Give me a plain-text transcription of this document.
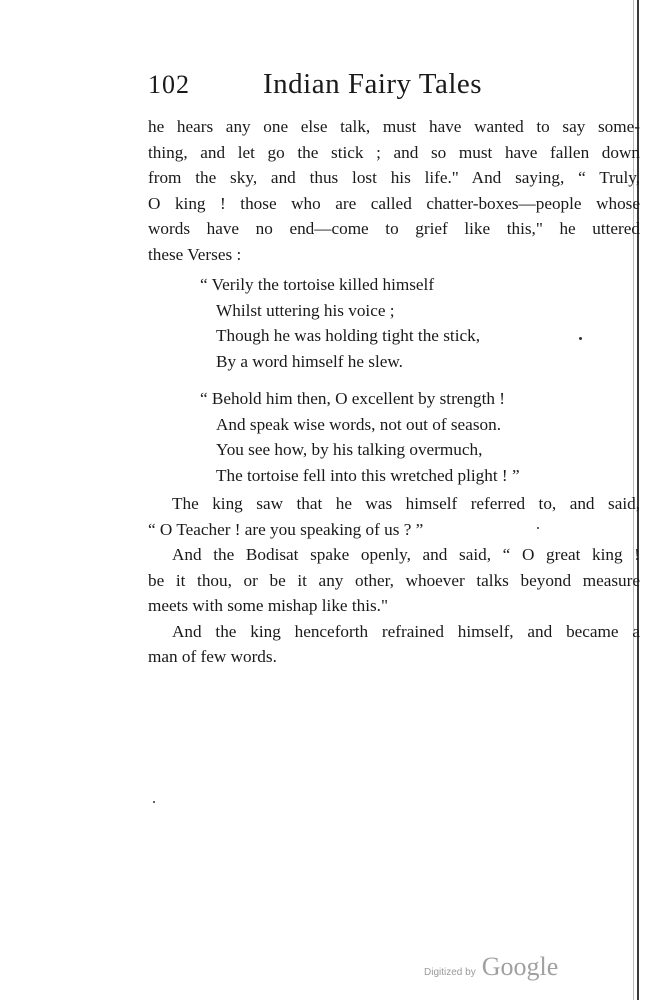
102	Indian Fairy Tales
he hears any one else talk, must have wanted to say some-
thing, and let go the stick ; and so must have fallen down
from the sky, and thus lost his life." And saying, “ Truly,
O king ! those who are called chatter-boxes—people whose
words have no end—come to grief like this," he uttered
these Verses :
“ Verily the tortoise killed himself
Whilst uttering his voice ;
Though he was holding tight the stick,
By a word himself he slew.
“ Behold him then, O excellent by strength !
And speak wise words, not out of season.
You see how, by his talking overmuch,
The tortoise fell into this wretched plight ! ”
The king saw that he was himself referred to, and said,
“ O Teacher ! are you speaking of us ? ”
And the Bodisat spake openly, and said, “ O great king !
be it thou, or be it any other, whoever talks beyond measure
meets with some mishap like this."
And the king henceforth refrained himself, and became a
man of few words.
Digitized by Google
